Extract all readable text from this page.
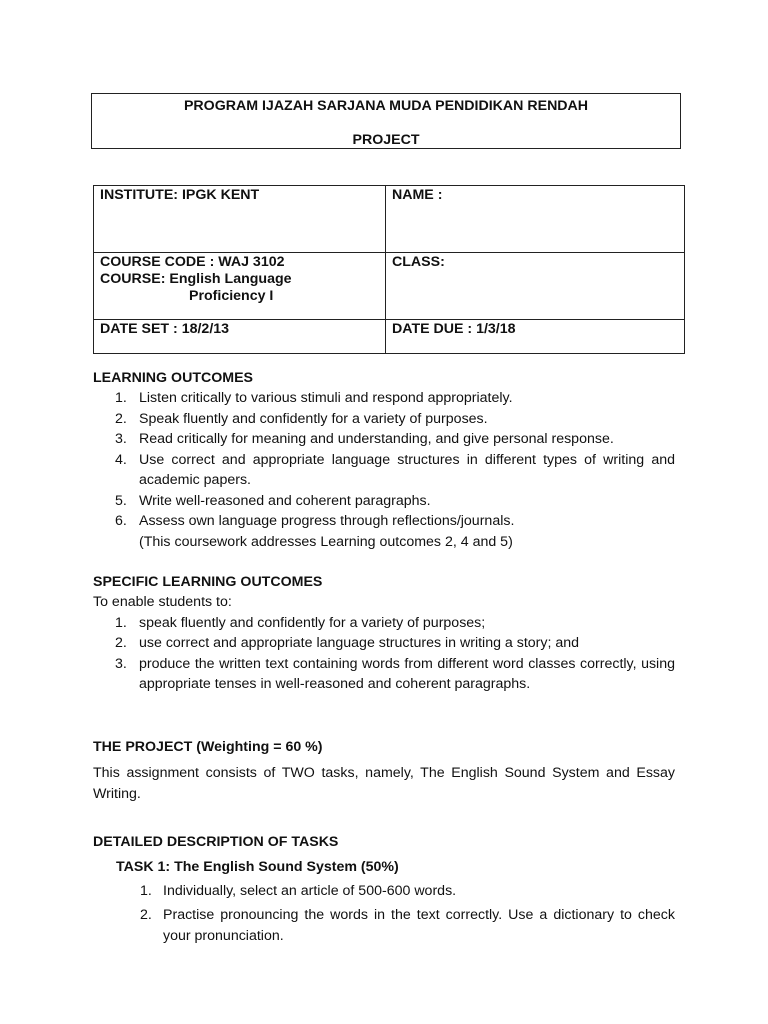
PROGRAM IJAZAH SARJANA MUDA PENDIDIKAN RENDAH
PROJECT
INSTITUTE: IPGK KENT	NAME :
COURSE CODE : WAJ 3102
COURSE: English Language

Proficiency I	CLASS:
DATE SET : 18/2/13	DATE DUE : 1/3/18
LEARNING OUTCOMES
1. Listen critically to various stimuli and respond appropriately.
2. Speak fluently and confidently for a variety of purposes.
3. Read critically for meaning and understanding, and give personal response.
4. Use correct and appropriate language structures in different types of writing and academic papers.
5. Write well-reasoned and coherent paragraphs.
6. Assess own language progress through reflections/journals.
(This coursework addresses Learning outcomes 2, 4 and 5)
SPECIFIC LEARNING OUTCOMES
To enable students to:
1. speak fluently and confidently for a variety of purposes;
2. use correct and appropriate language structures in writing a story; and
3. produce the written text containing words from different word classes correctly, using appropriate tenses in well-reasoned and coherent paragraphs.
THE PROJECT (Weighting = 60 %)
This assignment consists of TWO tasks, namely, The English Sound System and Essay Writing.
DETAILED DESCRIPTION OF TASKS
TASK 1: The English Sound System (50%)
1. Individually, select an article of 500-600 words.
2. Practise pronouncing the words in the text correctly. Use a dictionary to check your pronunciation.
